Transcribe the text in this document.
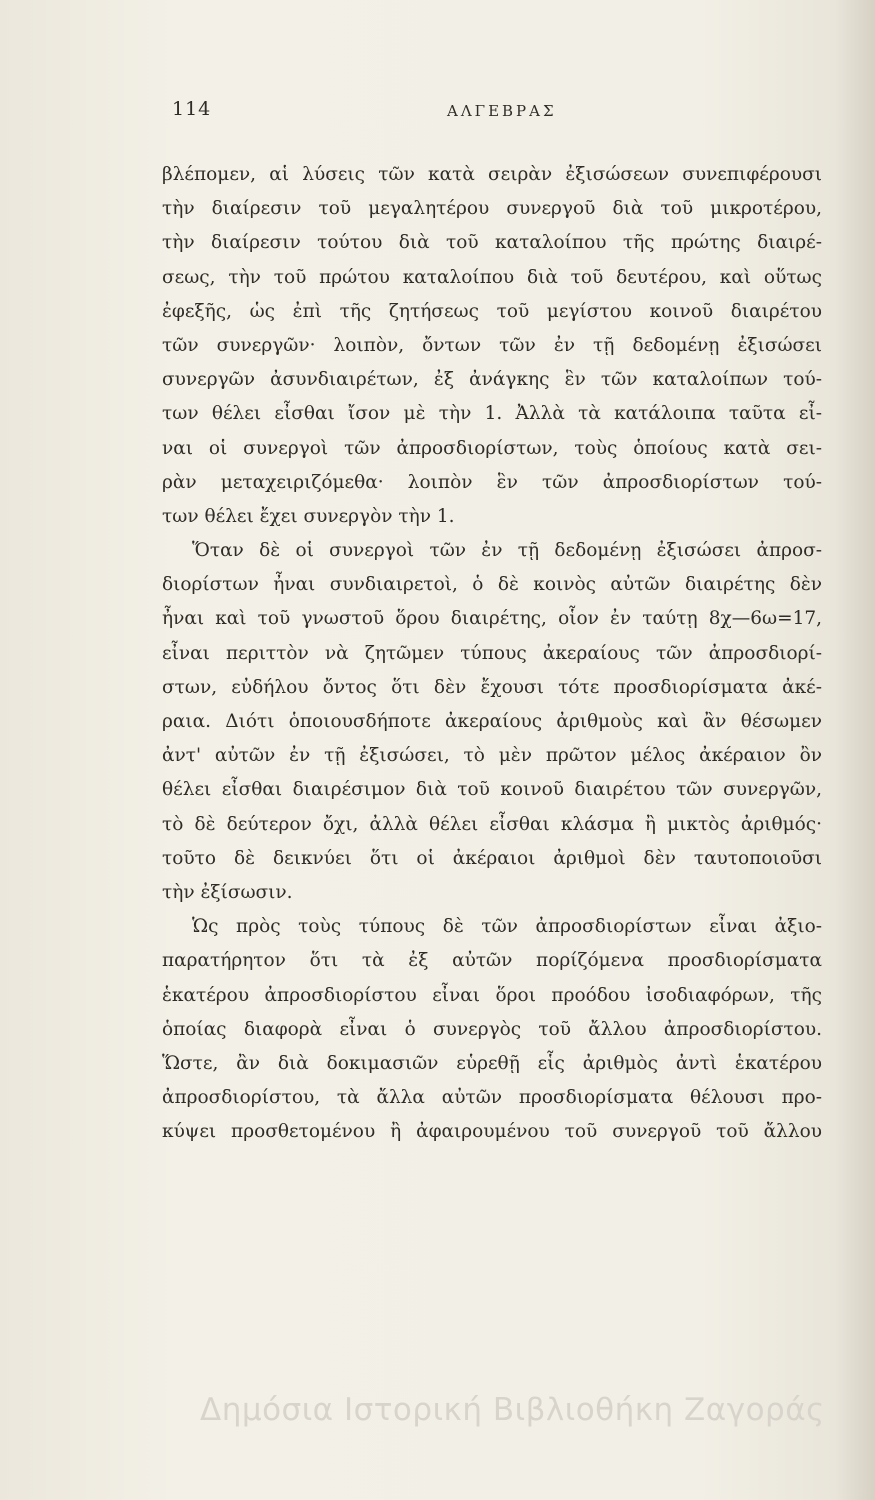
114	ΑΛΓΕΒΡΑΣ

βλέπομεν, αἱ λύσεις τῶν κατὰ σειρὰν ἐξισώσεων συνεπιφέρουσι
τὴν διαίρεσιν τοῦ μεγαλητέρου συνεργοῦ διὰ τοῦ μικροτέρου,
τὴν διαίρεσιν τούτου διὰ τοῦ καταλοίπου τῆς πρώτης διαιρέ-
σεως, τὴν τοῦ πρώτου καταλοίπου διὰ τοῦ δευτέρου, καὶ οὕτως
ἐφεξῆς, ὡς ἐπὶ τῆς ζητήσεως τοῦ μεγίστου κοινοῦ διαιρέτου
τῶν συνεργῶν· λοιπὸν, ὄντων τῶν ἐν τῇ δεδομένῃ ἐξισώσει
συνεργῶν ἀσυνδιαιρέτων, ἐξ ἀνάγκης ἓν τῶν καταλοίπων τού-
των θέλει εἶσθαι ἴσον μὲ τὴν 1. Ἀλλὰ τὰ κατάλοιπα ταῦτα εἶ-
ναι οἱ συνεργοὶ τῶν ἀπροσδιορίστων, τοὺς ὁποίους κατὰ σει-
ρὰν μεταχειριζόμεθα· λοιπὸν ἓν τῶν ἀπροσδιορίστων τού-
των θέλει ἔχει συνεργὸν τὴν 1.

Ὅταν δὲ οἱ συνεργοὶ τῶν ἐν τῇ δεδομένῃ ἐξισώσει ἀπροσ-
διορίστων ἦναι συνδιαιρετοὶ, ὁ δὲ κοινὸς αὐτῶν διαιρέτης δὲν
ἦναι καὶ τοῦ γνωστοῦ ὅρου διαιρέτης, οἷον ἐν ταύτῃ 8χ—6ω=17,
εἶναι περιττὸν νὰ ζητῶμεν τύπους ἀκεραίους τῶν ἀπροσδιορί-
στων, εὐδήλου ὄντος ὅτι δὲν ἔχουσι τότε προσδιορίσματα ἀκέ-
ραια. Διότι ὁποιουσδήποτε ἀκεραίους ἀριθμοὺς καὶ ἂν θέσωμεν
ἀντ' αὐτῶν ἐν τῇ ἐξισώσει, τὸ μὲν πρῶτον μέλος ἀκέραιον ὂν
θέλει εἶσθαι διαιρέσιμον διὰ τοῦ κοινοῦ διαιρέτου τῶν συνεργῶν,
τὸ δὲ δεύτερον ὄχι, ἀλλὰ θέλει εἶσθαι κλάσμα ἢ μικτὸς ἀριθμός·
τοῦτο δὲ δεικνύει ὅτι οἱ ἀκέραιοι ἀριθμοὶ δὲν ταυτοποιοῦσι
τὴν ἐξίσωσιν.

Ὡς πρὸς τοὺς τύπους δὲ τῶν ἀπροσδιορίστων εἶναι ἀξιο-
παρατήρητον ὅτι τὰ ἐξ αὐτῶν πορίζόμενα προσδιορίσματα
ἑκατέρου ἀπροσδιορίστου εἶναι ὅροι προόδου ἰσοδιαφόρων, τῆς
ὁποίας διαφορὰ εἶναι ὁ συνεργὸς τοῦ ἄλλου ἀπροσδιορίστου.
Ὥστε, ἂν διὰ δοκιμασιῶν εὑρεθῇ εἷς ἀριθμὸς ἀντὶ ἑκατέρου
ἀπροσδιορίστου, τὰ ἄλλα αὐτῶν προσδιορίσματα θέλουσι προ-
κύψει προσθετομένου ἢ ἀφαιρουμένου τοῦ συνεργοῦ τοῦ ἄλλου

Δημόσια Ιστορική Βιβλιοθήκη Ζαγοράς
